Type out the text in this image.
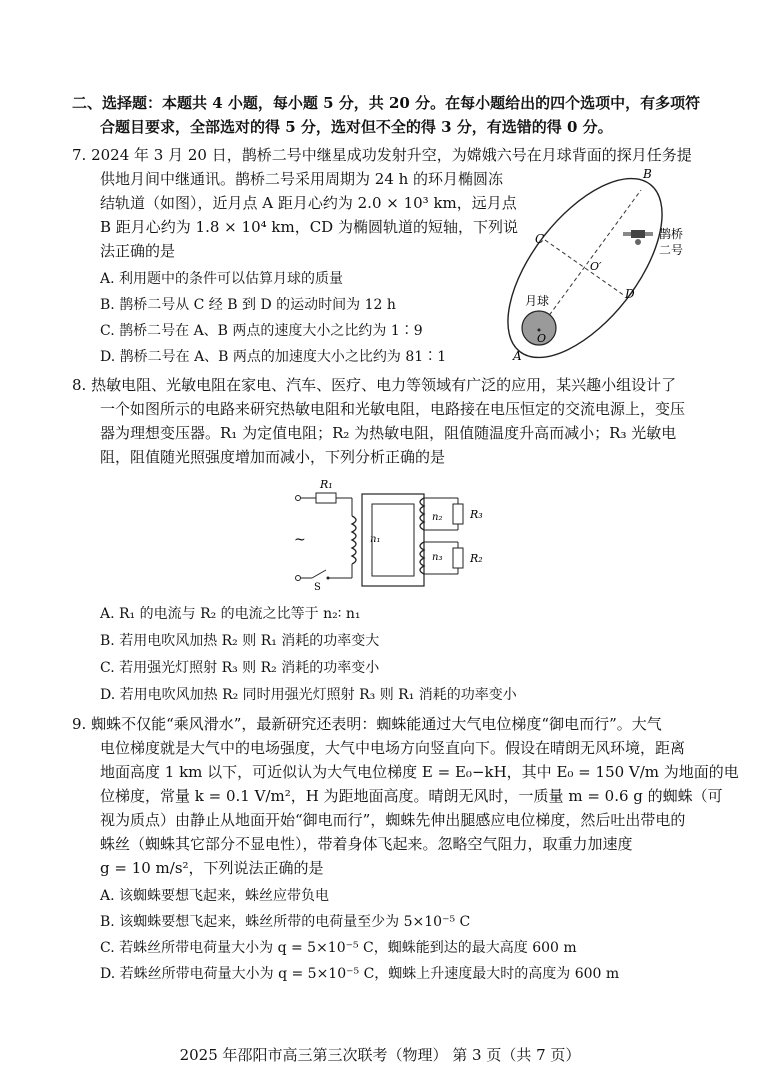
二、选择题：本题共 4 小题，每小题 5 分，共 20 分。在每小题给出的四个选项中，有多项符
合题目要求，全部选对的得 5 分，选对但不全的得 3 分，有选错的得 0 分。
7. 2024 年 3 月 20 日，鹊桥二号中继星成功发射升空，为嫦娥六号在月球背面的探月任务提
供地月间中继通讯。鹊桥二号采用周期为 24 h 的环月椭圆冻
结轨道（如图），近月点 A 距月心约为 2.0 × 10³ km，远月点
B 距月心约为 1.8 × 10⁴ km，CD 为椭圆轨道的短轴，下列说
法正确的是
A. 利用题中的条件可以估算月球的质量
B. 鹊桥二号从 C 经 B 到 D 的运动时间为 12 h
C. 鹊桥二号在 A、B 两点的速度大小之比约为 1∶9
D. 鹊桥二号在 A、B 两点的加速度大小之比约为 81∶1
月球
O
B
C
O′
D
A
鹊桥
二号
8. 热敏电阻、光敏电阻在家电、汽车、医疗、电力等领域有广泛的应用，某兴趣小组设计了
一个如图所示的电路来研究热敏电阻和光敏电阻，电路接在电压恒定的交流电源上，变压
器为理想变压器。R₁ 为定值电阻；R₂ 为热敏电阻，阻值随温度升高而减小；R₃ 光敏电
阻，阻值随光照强度增加而减小，下列分析正确的是
~
R₁
n₁
S
n₂	R₃
n₃	R₂
A. R₁ 的电流与 R₂ 的电流之比等于 n₂∶ n₁
B. 若用电吹风加热 R₂ 则 R₁ 消耗的功率变大
C. 若用强光灯照射 R₃ 则 R₂ 消耗的功率变小
D. 若用电吹风加热 R₂ 同时用强光灯照射 R₃ 则 R₁ 消耗的功率变小
9. 蜘蛛不仅能“乘风滑水”，最新研究还表明：蜘蛛能通过大气电位梯度“御电而行”。大气
电位梯度就是大气中的电场强度，大气中电场方向竖直向下。假设在晴朗无风环境，距离
地面高度 1 km 以下，可近似认为大气电位梯度 E = E₀−kH，其中 E₀ = 150 V/m 为地面的电
位梯度，常量 k = 0.1 V/m²，H 为距地面高度。晴朗无风时，一质量 m = 0.6 g 的蜘蛛（可
视为质点）由静止从地面开始“御电而行”，蜘蛛先伸出腿感应电位梯度，然后吐出带电的
蛛丝（蜘蛛其它部分不显电性），带着身体飞起来。忽略空气阻力，取重力加速度
g = 10 m/s²，下列说法正确的是
A. 该蜘蛛要想飞起来，蛛丝应带负电
B. 该蜘蛛要想飞起来，蛛丝所带的电荷量至少为 5×10⁻⁵ C
C. 若蛛丝所带电荷量大小为 q = 5×10⁻⁵ C，蜘蛛能到达的最大高度 600 m
D. 若蛛丝所带电荷量大小为 q = 5×10⁻⁵ C，蜘蛛上升速度最大时的高度为 600 m
2025 年邵阳市高三第三次联考（物理） 第 3 页（共 7 页）
